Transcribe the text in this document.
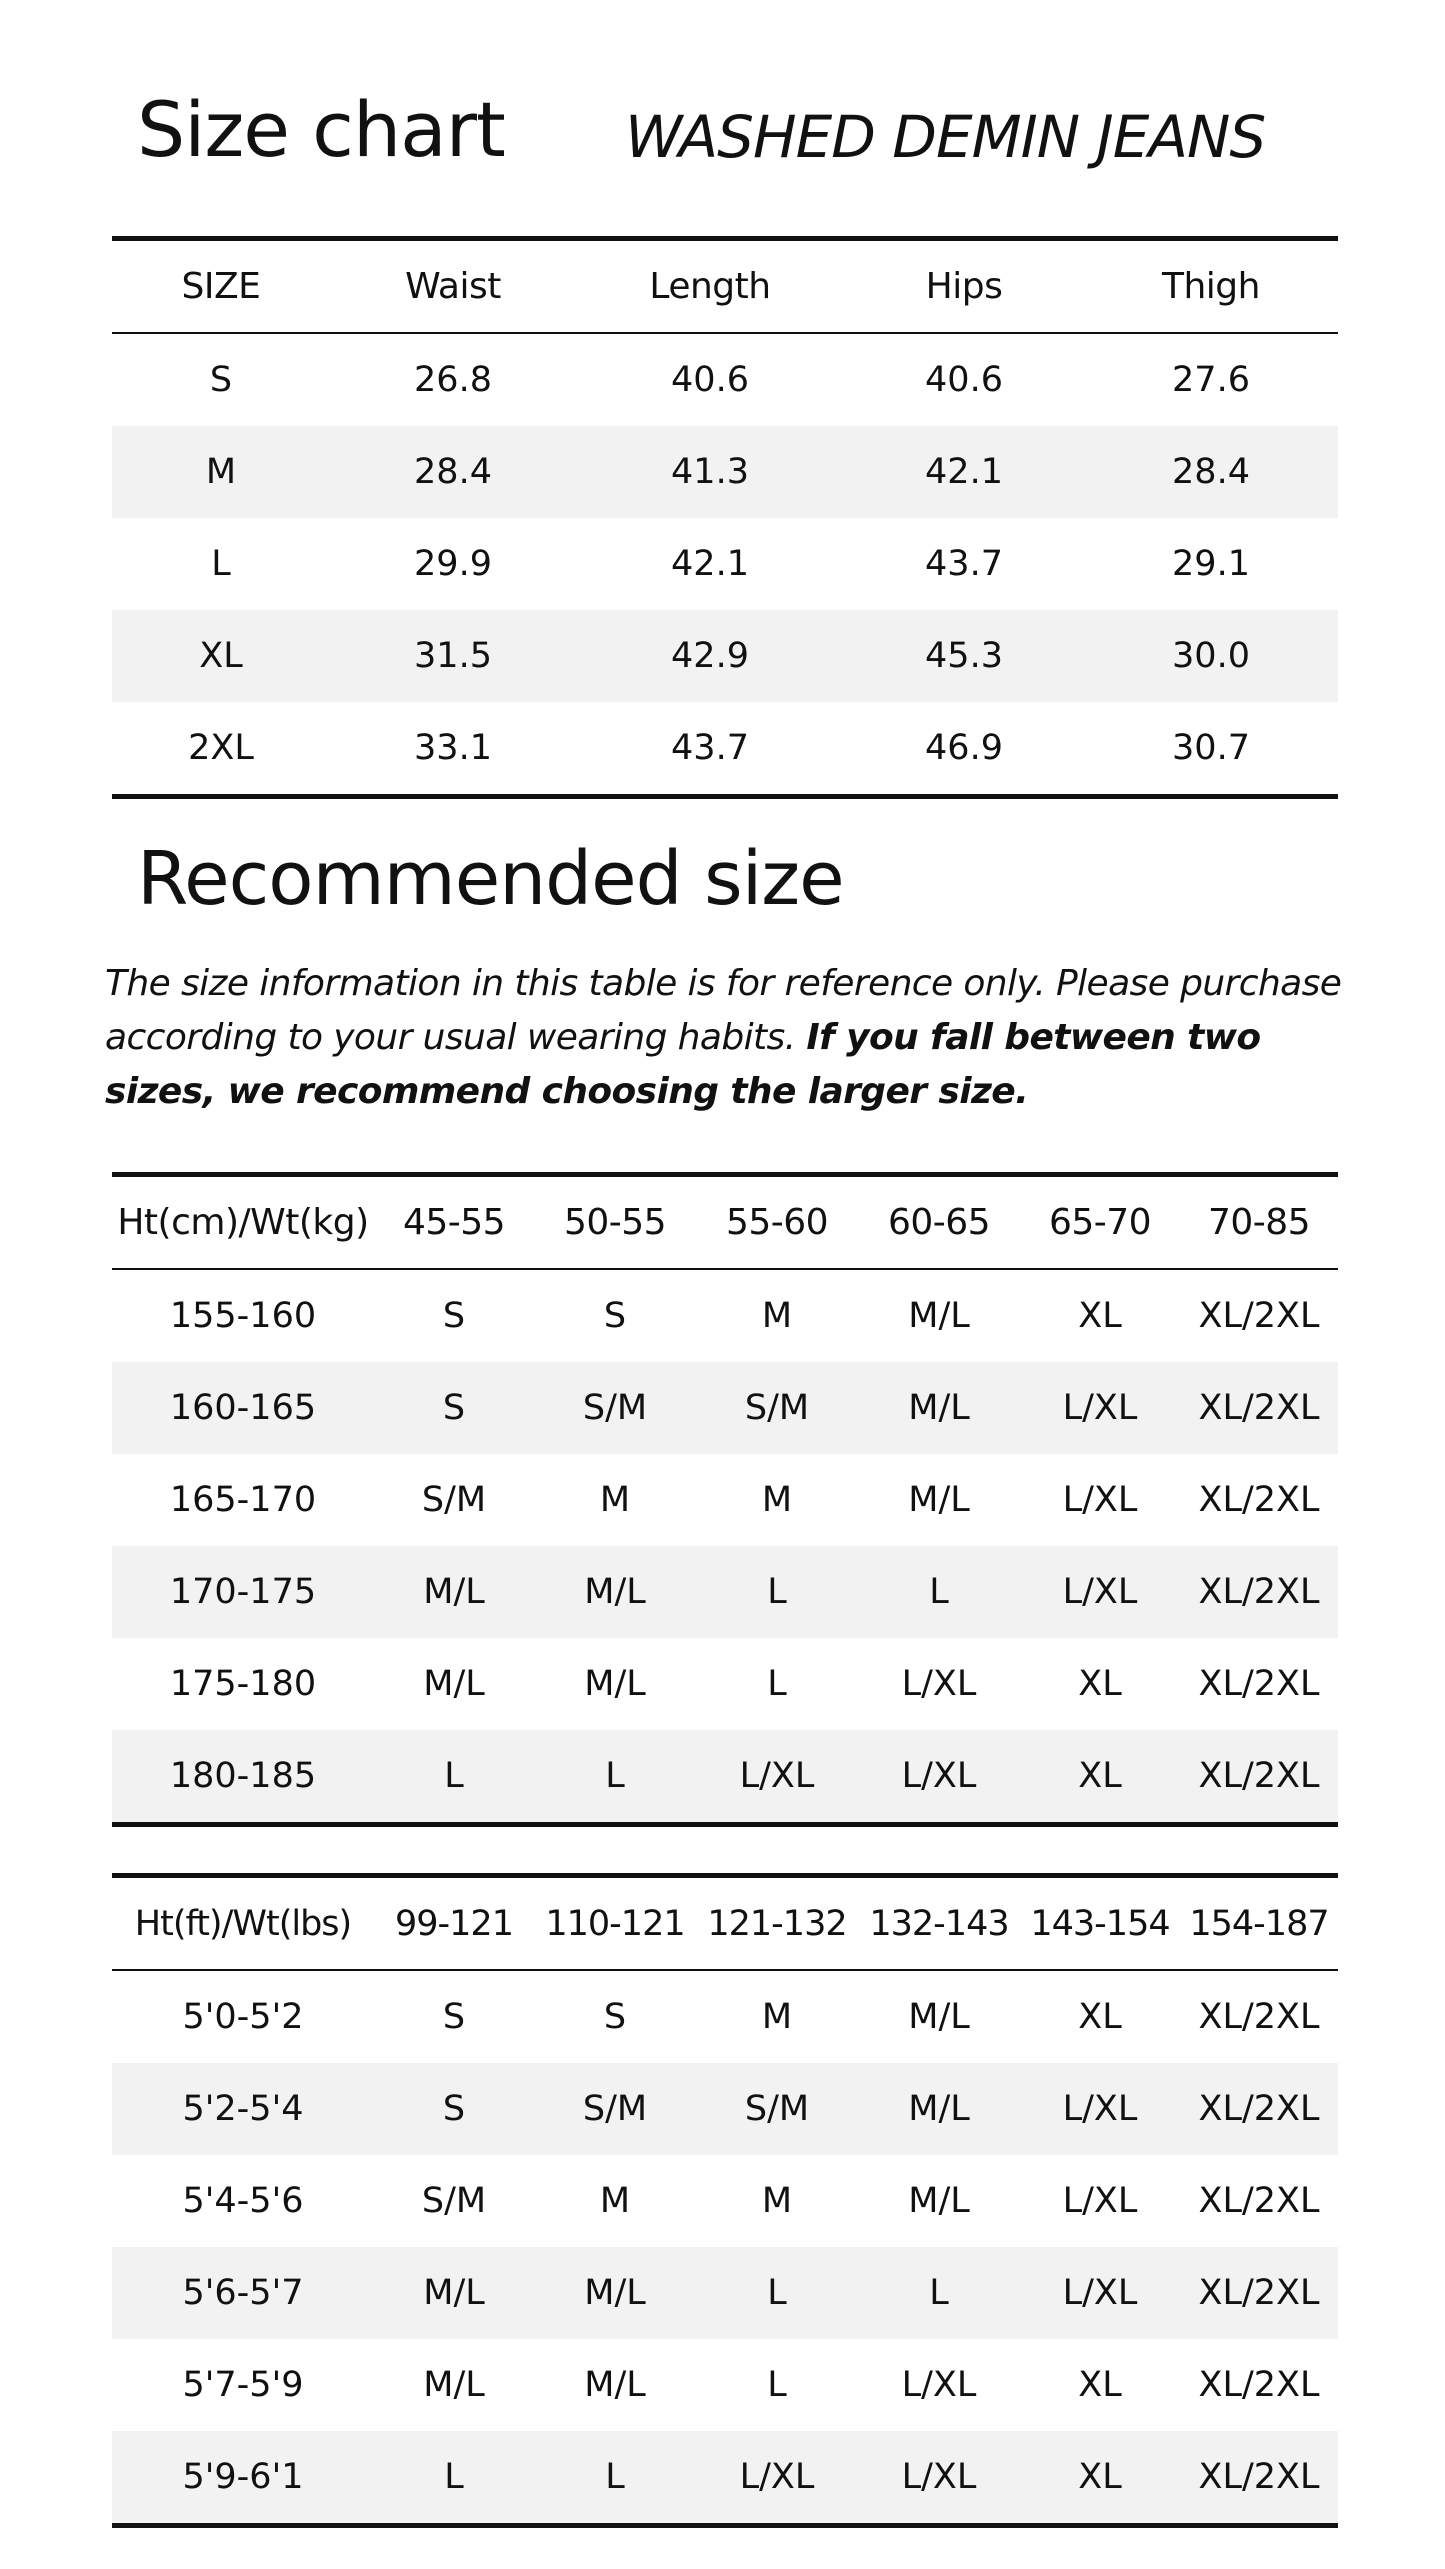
Size chart WASHED DEMIN JEANS
SIZE	Waist	Length	Hips	Thigh
S	26.8	40.6	40.6	27.6
M	28.4	41.3	42.1	28.4
L	29.9	42.1	43.7	29.1
XL	31.5	42.9	45.3	30.0
2XL	33.1	43.7	46.9	30.7
Recommended size
The size information in this table is for reference only. Please purchase according to your usual wearing habits. If you fall between two sizes, we recommend choosing the larger size.
Ht(cm)/Wt(kg)	45-55	50-55	55-60	60-65	65-70	70-85
155-160	S	S	M	M/L	XL	XL/2XL
160-165	S	S/M	S/M	M/L	L/XL	XL/2XL
165-170	S/M	M	M	M/L	L/XL	XL/2XL
170-175	M/L	M/L	L	L	L/XL	XL/2XL
175-180	M/L	M/L	L	L/XL	XL	XL/2XL
180-185	L	L	L/XL	L/XL	XL	XL/2XL
Ht(ft)/Wt(lbs)	99-121	110-121	121-132	132-143	143-154	154-187
5'0-5'2	S	S	M	M/L	XL	XL/2XL
5'2-5'4	S	S/M	S/M	M/L	L/XL	XL/2XL
5'4-5'6	S/M	M	M	M/L	L/XL	XL/2XL
5'6-5'7	M/L	M/L	L	L	L/XL	XL/2XL
5'7-5'9	M/L	M/L	L	L/XL	XL	XL/2XL
5'9-6'1	L	L	L/XL	L/XL	XL	XL/2XL
